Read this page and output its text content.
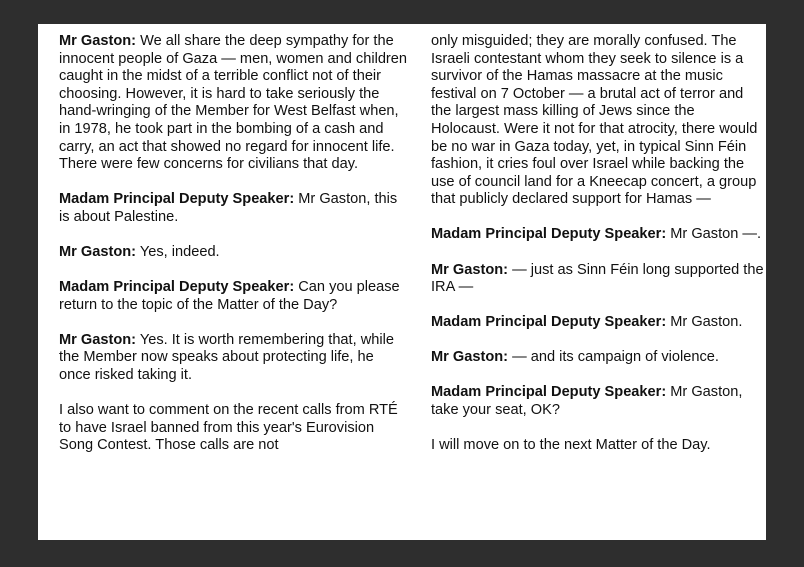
Mr Gaston: We all share the deep sympathy for the innocent people of Gaza — men, women and children caught in the midst of a terrible conflict not of their choosing. However, it is hard to take seriously the hand-wringing of the Member for West Belfast when, in 1978, he took part in the bombing of a cash and carry, an act that showed no regard for innocent life. There were few concerns for civilians that day.

Madam Principal Deputy Speaker: Mr Gaston, this is about Palestine.

Mr Gaston: Yes, indeed.

Madam Principal Deputy Speaker: Can you please return to the topic of the Matter of the Day?

Mr Gaston: Yes. It is worth remembering that, while the Member now speaks about protecting life, he once risked taking it.

I also want to comment on the recent calls from RTÉ to have Israel banned from this year's Eurovision Song Contest. Those calls are not

only misguided; they are morally confused. The Israeli contestant whom they seek to silence is a survivor of the Hamas massacre at the music festival on 7 October — a brutal act of terror and the largest mass killing of Jews since the Holocaust. Were it not for that atrocity, there would be no war in Gaza today, yet, in typical Sinn Féin fashion, it cries foul over Israel while backing the use of council land for a Kneecap concert, a group that publicly declared support for Hamas —

Madam Principal Deputy Speaker: Mr Gaston —.

Mr Gaston: — just as Sinn Féin long supported the IRA —

Madam Principal Deputy Speaker: Mr Gaston.

Mr Gaston: — and its campaign of violence.

Madam Principal Deputy Speaker: Mr Gaston, take your seat, OK?

I will move on to the next Matter of the Day.
